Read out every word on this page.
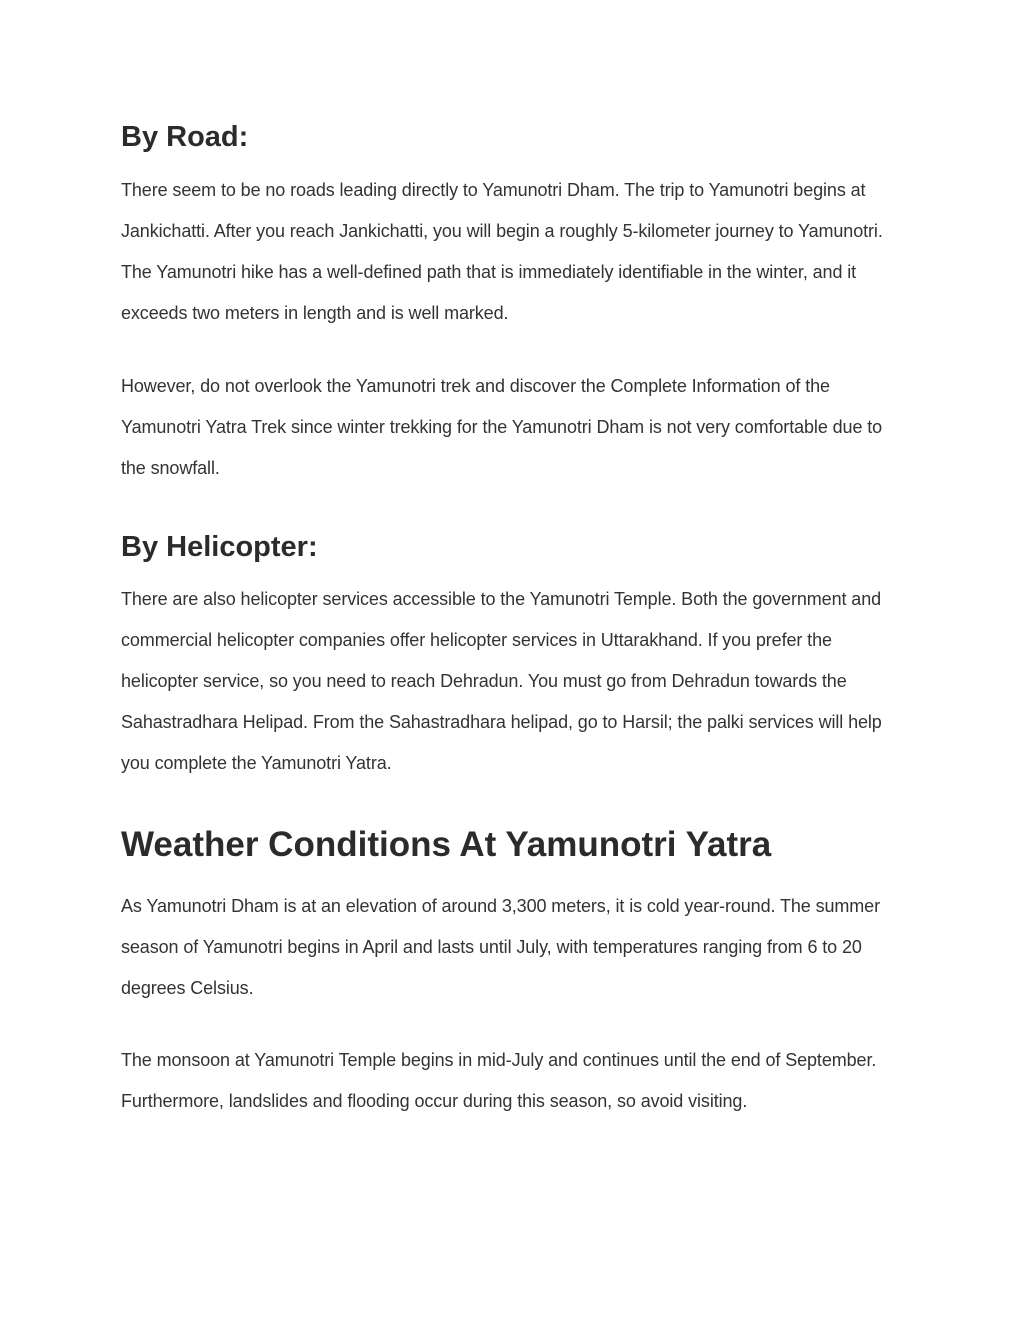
By Road:

There seem to be no roads leading directly to Yamunotri Dham. The trip to Yamunotri begins at Jankichatti. After you reach Jankichatti, you will begin a roughly 5-kilometer journey to Yamunotri. The Yamunotri hike has a well-defined path that is immediately identifiable in the winter, and it exceeds two meters in length and is well marked.

However, do not overlook the Yamunotri trek and discover the Complete Information of the Yamunotri Yatra Trek since winter trekking for the Yamunotri Dham is not very comfortable due to the snowfall.

By Helicopter:

There are also helicopter services accessible to the Yamunotri Temple. Both the government and commercial helicopter companies offer helicopter services in Uttarakhand. If you prefer the helicopter service, so you need to reach Dehradun. You must go from Dehradun towards the Sahastradhara Helipad. From the Sahastradhara helipad, go to Harsil; the palki services will help you complete the Yamunotri Yatra.

Weather Conditions At Yamunotri Yatra

As Yamunotri Dham is at an elevation of around 3,300 meters, it is cold year-round. The summer season of Yamunotri begins in April and lasts until July, with temperatures ranging from 6 to 20 degrees Celsius.

The monsoon at Yamunotri Temple begins in mid-July and continues until the end of September. Furthermore, landslides and flooding occur during this season, so avoid visiting.
